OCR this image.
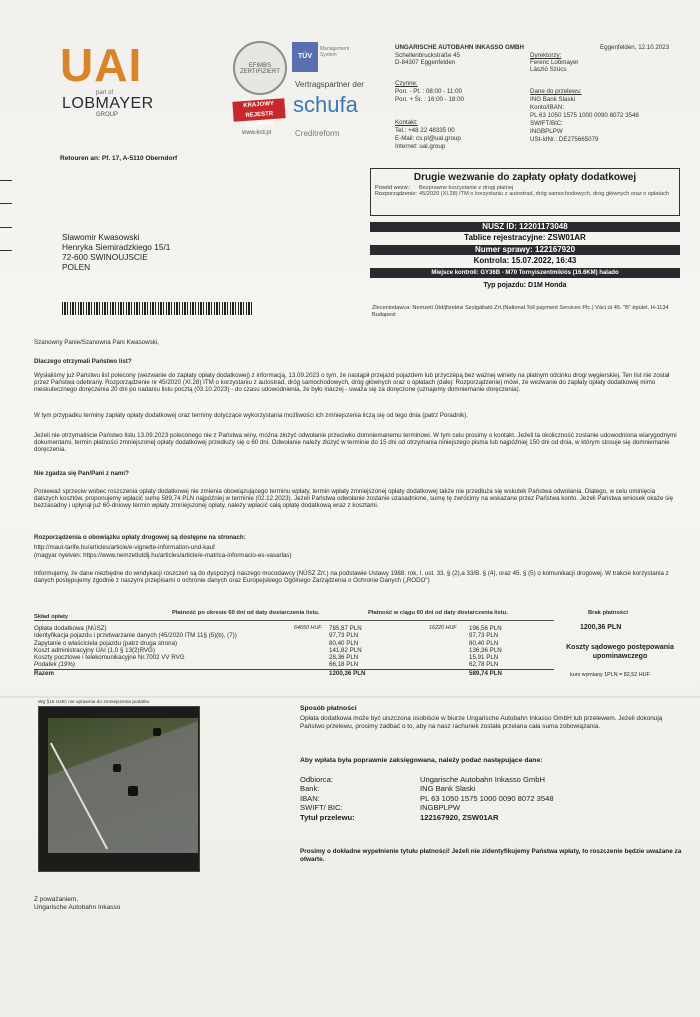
UAI
part of
LOBMAYER
GROUP
EFIMBS ZERTIFIZIERT
TÜV
Management System
Vertragspartner der
KRAJOWY REJESTR DŁUGÓW
www.krd.pl
schufa
Creditreform
UNGARISCHE AUTOBAHN INKASSO GMBH	Eggenfelden, 12.10.2023
Schellenbruckstraße 45
D-84307 Eggenfelden
Dyrektorzy:
Ferenc Lobmayer
László Szücs
Czynne:
Pon. - Pt. : 08:00 - 11:00
Pon. + Śr. : 16:00 - 18:00
Dane do przelewu:
ING Bank Slaski
Konto/IBAN:
PL 63 1050 1575 1000 0090 8072 3548
SWIFT/BIC:
INGBPLPW
USt-IdNr.: DE275665079
Kontakt:
Tel.: +48 22 48335 00
E-Mail: cs.pl@ual.group
Internet: ual.group
Retouren an: Pf. 17, A-5110 Oberndorf
Drugie wezwanie do zapłaty opłaty dodatkowej
Powód wezw.:	Bezprawne korzystanie z drogi płatnej
Rozporządzenie: 45/2020 (XI.28) ITM o korzystaniu z autostrad, dróg samochodowych, dróg głównych oraz o opłatach
NUSZ ID: 12201173048
Tablice rejestracyjne: ZSW01AR
Numer sprawy: 122167920
Kontrola: 15.07.2022, 16:43
Miejsce kontroli: GY36B - M70 Tornyiszentmiklós (16.6KM) halado
Typ pojazdu: D1M Honda
Slawomir Kwasowski
Henryka Siemiradzkiego 15/1
72-600 SWINOUJSCIE
POLEN
Zleceniodawca: Nemzeti Útdíjfizetési Szolgáltató Zrt.(National Toll payment Services Plc.) Váci út 45. "B" épület, H-1134 Budapest
Szanowny Panie/Szanowna Pani Kwasowski,
Dlaczego otrzymali Państwo list?
Wysłaliśmy już Państwu list polecony (wezwanie do zapłaty opłaty dodatkowej) z informacją, 13.09.2023 o tym, że nastąpił przejazd pojazdem lub przyczepą bez ważnej winiety na płatnym odcinku drogi węgierskiej. Ten list nie został przez Państwa odebrany. Rozporządzenie nr 45/2020 (XI.28) ITM o korzystaniu z autostrad, dróg samochodowych, dróg głównych oraz o opłatach (dalej: Rozporządzenie) mówi, że wezwanie do zapłaty opłaty dodatkowej mimo nieskutecznego doręczenia 20 dni po nadaniu listu pocztą (03.10.2023) - do czasu udowodnienia, że było inaczej - uważa się za doręczone (uznajemy domniemanie doręczenia).
W tym przypadku terminy zapłaty opłaty dodatkowej oraz terminy dotyczące wykorzystania możliwości ich zmniejszenia liczą się od tego dnia (patrz Poradnik).
Jeżeli nie otrzymaliście Państwo listu 13.09.2023 poleconego nie z Państwa winy, można złożyć odwołanie przeciwko domniemanemu terminowi. W tym celu prosimy o kontakt. Jeżeli ta okoliczność zostanie udowodniona wiarygodnymi dokumentami, termin płatności zmniejszonej opłaty dodatkowej przedłuży się o 60 dni. Odwołanie należy złożyć w terminie do 15 dni od otrzymania niniejszego pisma lub najpóźniej 150 dni od dnia, w którym stosuje się domniemanie doręczenia.
Nie zgadza się Pan/Pani z nami?
Ponieważ sprzeciw wobec roszczenia opłaty dodatkowej nie zmienia obowiązującego terminu wpłaty, termin wpłaty zmniejszonej opłaty dodatkowej także nie przedłuża się wskutek Państwa odwołania. Dlatego, w celu ominięcia dalszych kosztów, proponujemy wpłacić sumę 589,74 PLN najpóźniej w terminie (02.12.2023). Jeżeli Państwa odwołanie zostanie uzasadnione, sumę tę zwrócimy na wskazane przez Państwa konto. Jeżeli Państwa wniosek okaże się bezzasadny i upłynął już 60-dniowy termin wpłaty zmniejszonej opłaty, należy wpłacić całą opłatę dodatkową wraz z kosztami.
Rozporządzenia o obowiązku opłaty drogowej są dostępne na stronach:
http://maut-tarife.hu/articles/article/e-vignette-information-und-kauf
(magyar nyelven: https://www.nemzetiutdij.hu/articles/article/e-matrica-informacio-es-vasarlas)
Informujemy, że dane niezbędne do windykacji roszczeń są do dyspozycji naszego mocodawcy (NÚSZ Zrt.) na podstawie Ustawy 1988. rok, I. ust. 33. § (2),a 33/B. § (4), oraz 45. § (5) o komunikacji drogowej. W trakcie korzystania z danych postępujemy zgodnie z naszymi przepisami o ochronie danych oraz Europejskiego Ogólnego Zarządzenia o Ochronie Danych („RODO")
Skład opłaty
Płatność po okresie 60 dni od daty dostarczenia listu.	Płatność w ciągu 60 dni od daty dostarczenia listu.	Brak płatności
Opłata dodatkowa (NÚSZ)	64650 HUF	785,87 PLN	16220 HUF	196,56 PLN
Identyfikacja pojazdu i przetwarzanie danych (45/2020 ITM 11§ (5)(b), (7))	97,73 PLN	97,73 PLN
Zapytanie o właściciela pojazdu (patrz druga strona)	80,40 PLN	80,40 PLN
Koszt administracyjny UAI (1,0 § 13(2)RVG)	141,82 PLN	136,36 PLN
Koszty pocztowe i telekomunikacyjne Nr.7002 VV RVG	28,36 PLN	15,91 PLN
Podatek (19%)	66,18 PLN	62,78 PLN
Razem	1200,36 PLN	589,74 PLN
1200,36 PLN
Koszty sądowego postępowania upominawczego
kurs wymiany 1PLN = 82,52 HUF
Wg §15 UstG nie uprawnia do zmniejszenia podatku
Sposób płatności
Opłata dodatkowa może być uiszczona osobiście w biurze Ungarische Autobahn Inkasso GmbH lub przelewem. Jeżeli dokonują Państwo przelewu, prosimy zadbać o to, aby na nasz rachunek została przelana cała suma zobowiązania.
Aby wpłata była poprawnie zaksięgowana, należy podać następujące dane:
Odbiorca:	Ungarische Autobahn Inkasso GmbH
Bank:	ING Bank Slaski
IBAN:	PL 63 1050 1575 1000 0090 8072 3548
SWIFT/ BIC:	INGBPLPW
Tytuł przelewu:	122167920, ZSW01AR
Prosimy o dokładne wypełnienie tytułu płatności! Jeżeli nie zidentyfikujemy Państwa wpłaty, to roszczenie będzie uważane za otwarte.
Z poważaniem,
Ungarische Autobahn Inkasso
